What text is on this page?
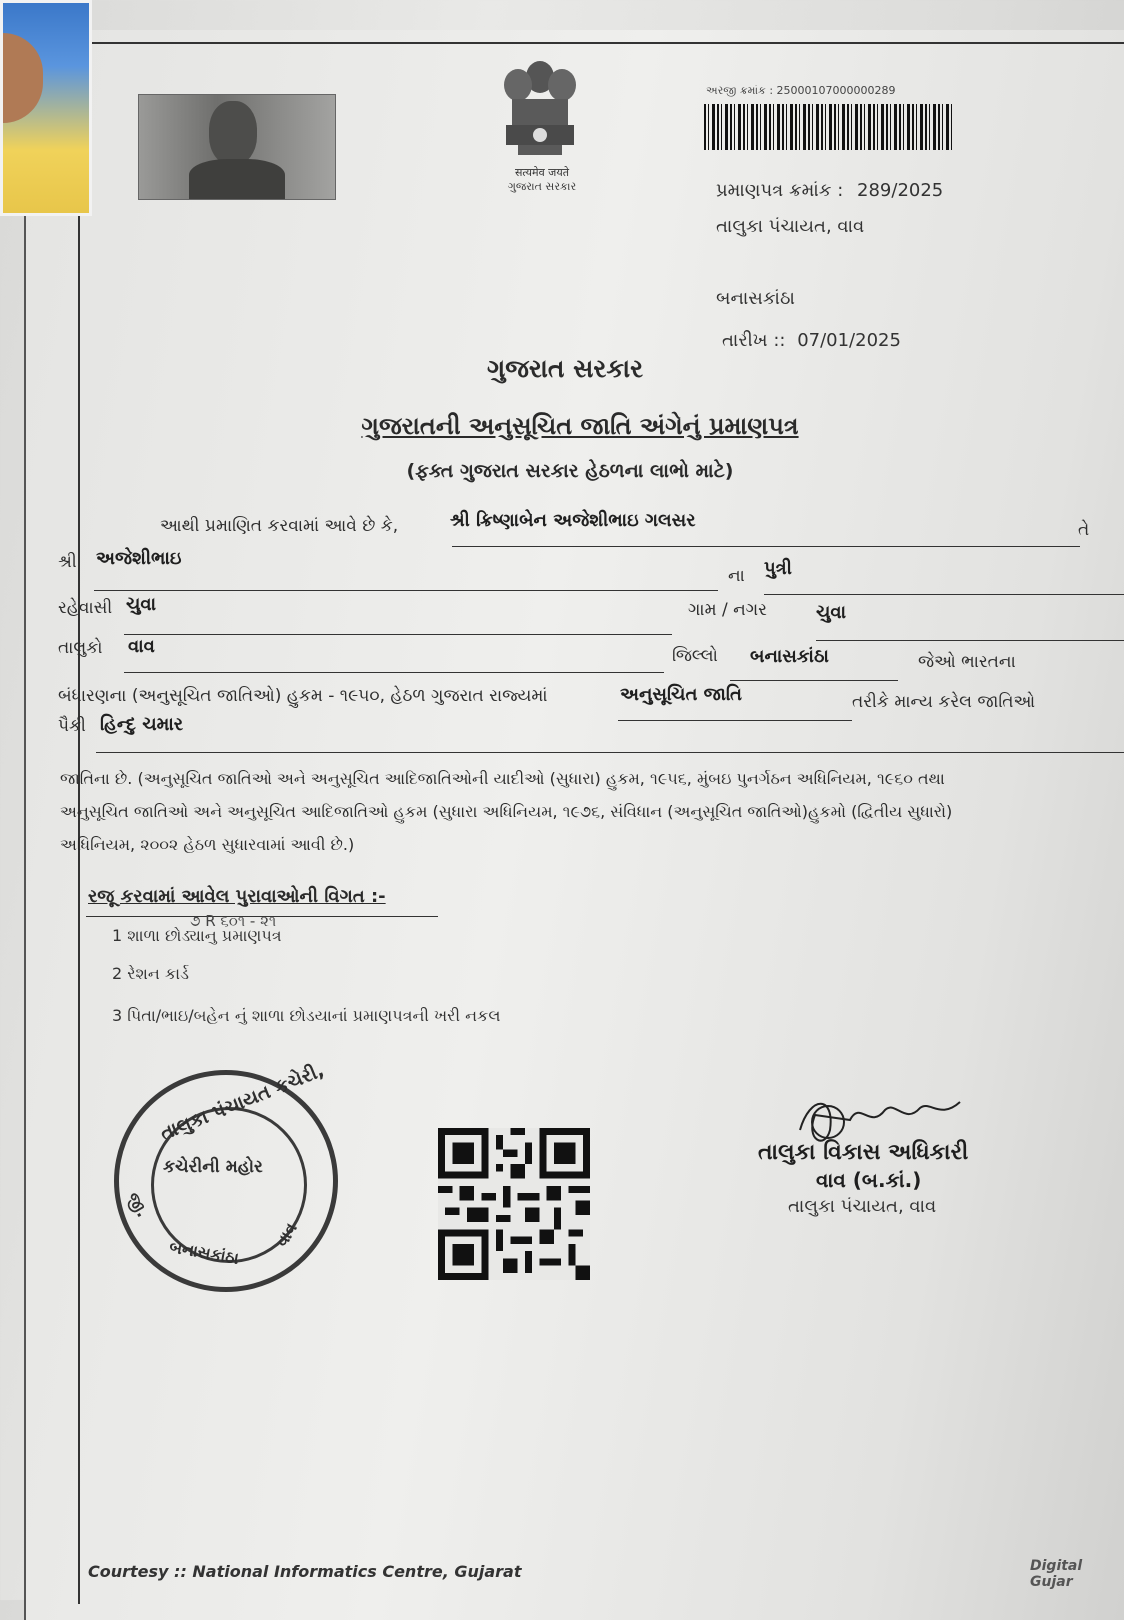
सत्यमेव जयते
ગુજરાત સરકાર
અરજી ક્રમાંક : 25000107000000289
પ્રમાણપત્ર ક્રમાંક : 289/2025
તાલુકા પંચાયત, વાવ
બનાસકાંઠા
તારીખ :: 07/01/2025
ગુજરાત સરકાર
ગુજરાતની અનુસૂચિત જાતિ અંગેનું પ્રમાણપત્ર
(ફક્ત ગુજરાત સરકાર હેઠળના લાભો માટે)
આથી પ્રમાણિત કરવામાં આવે છે કે,	શ્રી ક્રિષ્ણાબેન અજેશીભાઇ ગલસર	તે
શ્રી અજેશીભાઇ
ના પુત્રી
રહેવાસી ચુવા	ગામ / નગર	ચુવા
તાલુકો વાવ	જિલ્લો બનાસકાંઠા	જેઓ ભારતના
બંધારણના (અનુસૂચિત જાતિઓ) હુકમ - ૧૯૫૦, હેઠળ ગુજરાત રાજ્યમાં	અનુસૂચિત જાતિ	તરીકે માન્ય કરેલ જાતિઓ
પૈકી હિન્દુ ચમાર
જાતિના છે. (અનુસૂચિત જાતિઓ અને અનુસૂચિત આદિજાતિઓની યાદીઓ (સુધારા) હુકમ, ૧૯૫૬, મુંબઇ પુનર્ગઠન અધિનિયમ, ૧૯૬૦ તથા
અનુસૂચિત જાતિઓ અને અનુસૂચિત આદિજાતિઓ હુકમ (સુધારા અધિનિયમ, ૧૯૭૬, સંવિધાન (અનુસૂચિત જાતિઓ)હુકમો (દ્વિતીય સુધારો)
અધિનિયમ, ૨૦૦૨ હેઠળ સુધારવામાં આવી છે.)
રજૂ કરવામાં આવેલ પુરાવાઓની વિગત :-
૭ R ૬૦૧ - ૨૧
1 શાળા છોડ્યાનુ પ્રમાણપત્ર
2 રેશન કાર્ડ
3 પિતા/ભાઇ/બહેન નું શાળા છોડયાનાં પ્રમાણપત્રની ખરી નકલ
તાલુકા પંચાયત કચેરી,
કચેરીની મહોર
જી.
બનાસકાંઠા
વાવ
તાલુકા વિકાસ અધિકારી
વાવ (બ.કાં.)
તાલુકા પંચાયત, વાવ
Courtesy :: National Informatics Centre, Gujarat	Digital Gujar
